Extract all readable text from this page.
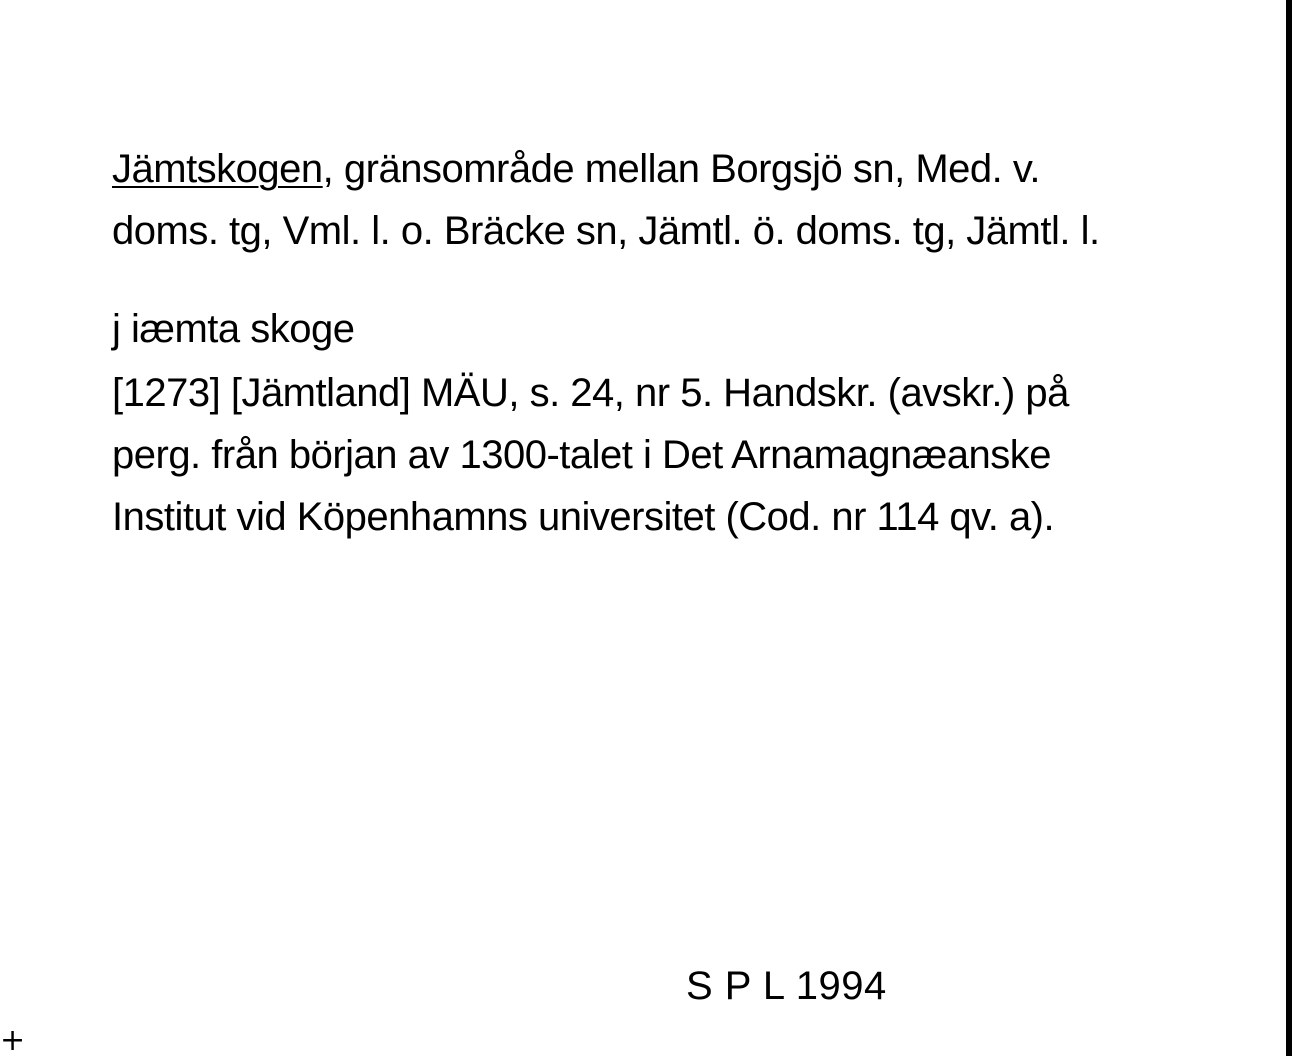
Jämtskogen, gränsområde mellan Borgsjö sn, Med. v.
doms. tg, Vml. l. o. Bräcke sn, Jämtl. ö. doms. tg, Jämtl. l.
j iæmta skoge
[1273] [Jämtland] MÄU, s. 24, nr 5. Handskr. (avskr.) på
perg. från början av 1300-talet i Det Arnamagnæanske
Institut vid Köpenhamns universitet (Cod. nr 114 qv. a).
S P L 1994
+
